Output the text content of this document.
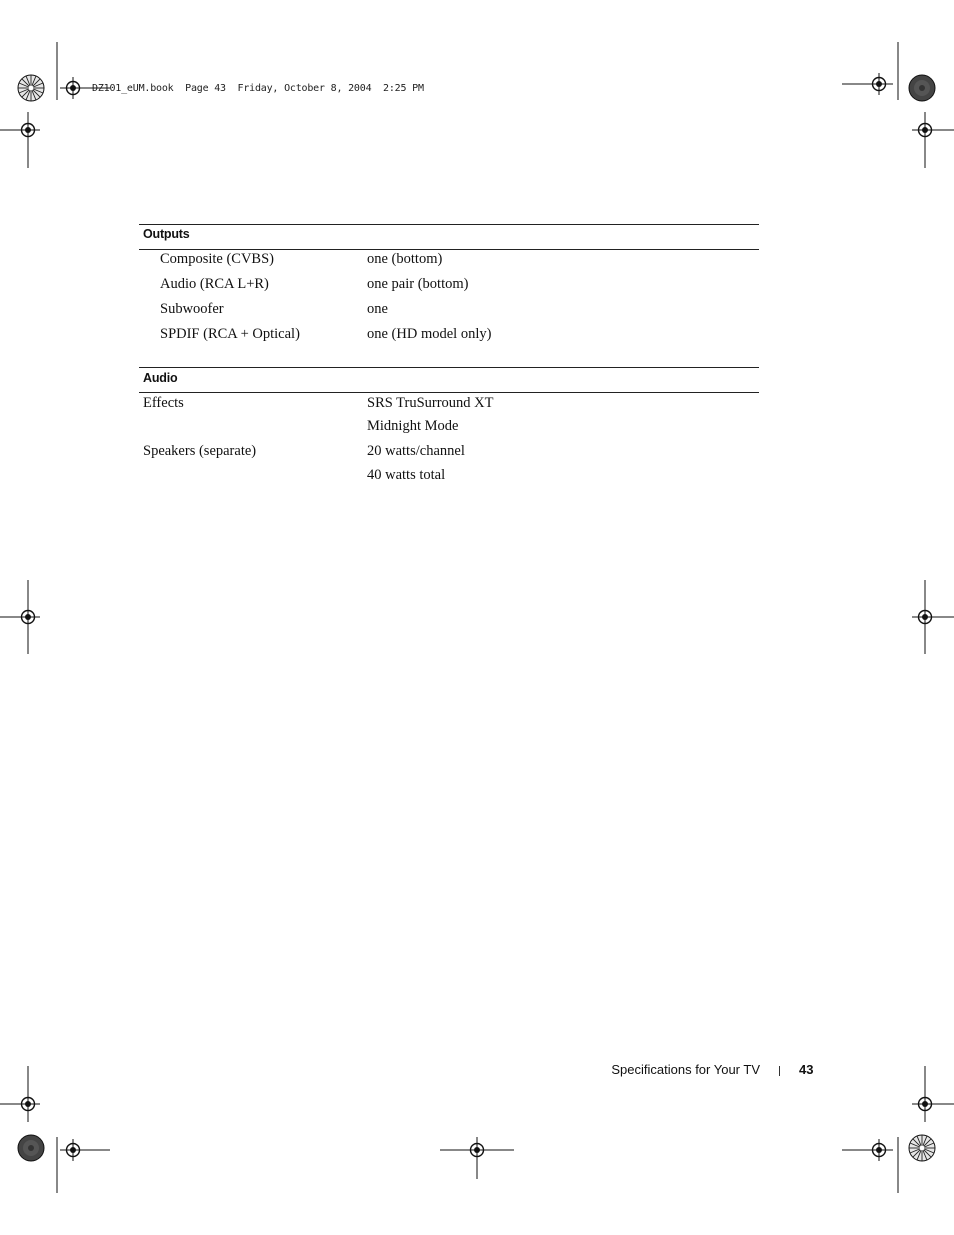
DZ101_eUM.book  Page 43  Friday, October 8, 2004  2:25 PM
Outputs
Composite (CVBS)	one (bottom)
Audio (RCA L+R)	one pair (bottom)
Subwoofer	one
SPDIF (RCA + Optical)	one (HD model only)
Audio
Effects	SRS TruSurround XT
Midnight Mode
Speakers (separate)	20 watts/channel
40 watts total
Specifications for Your TV	43
